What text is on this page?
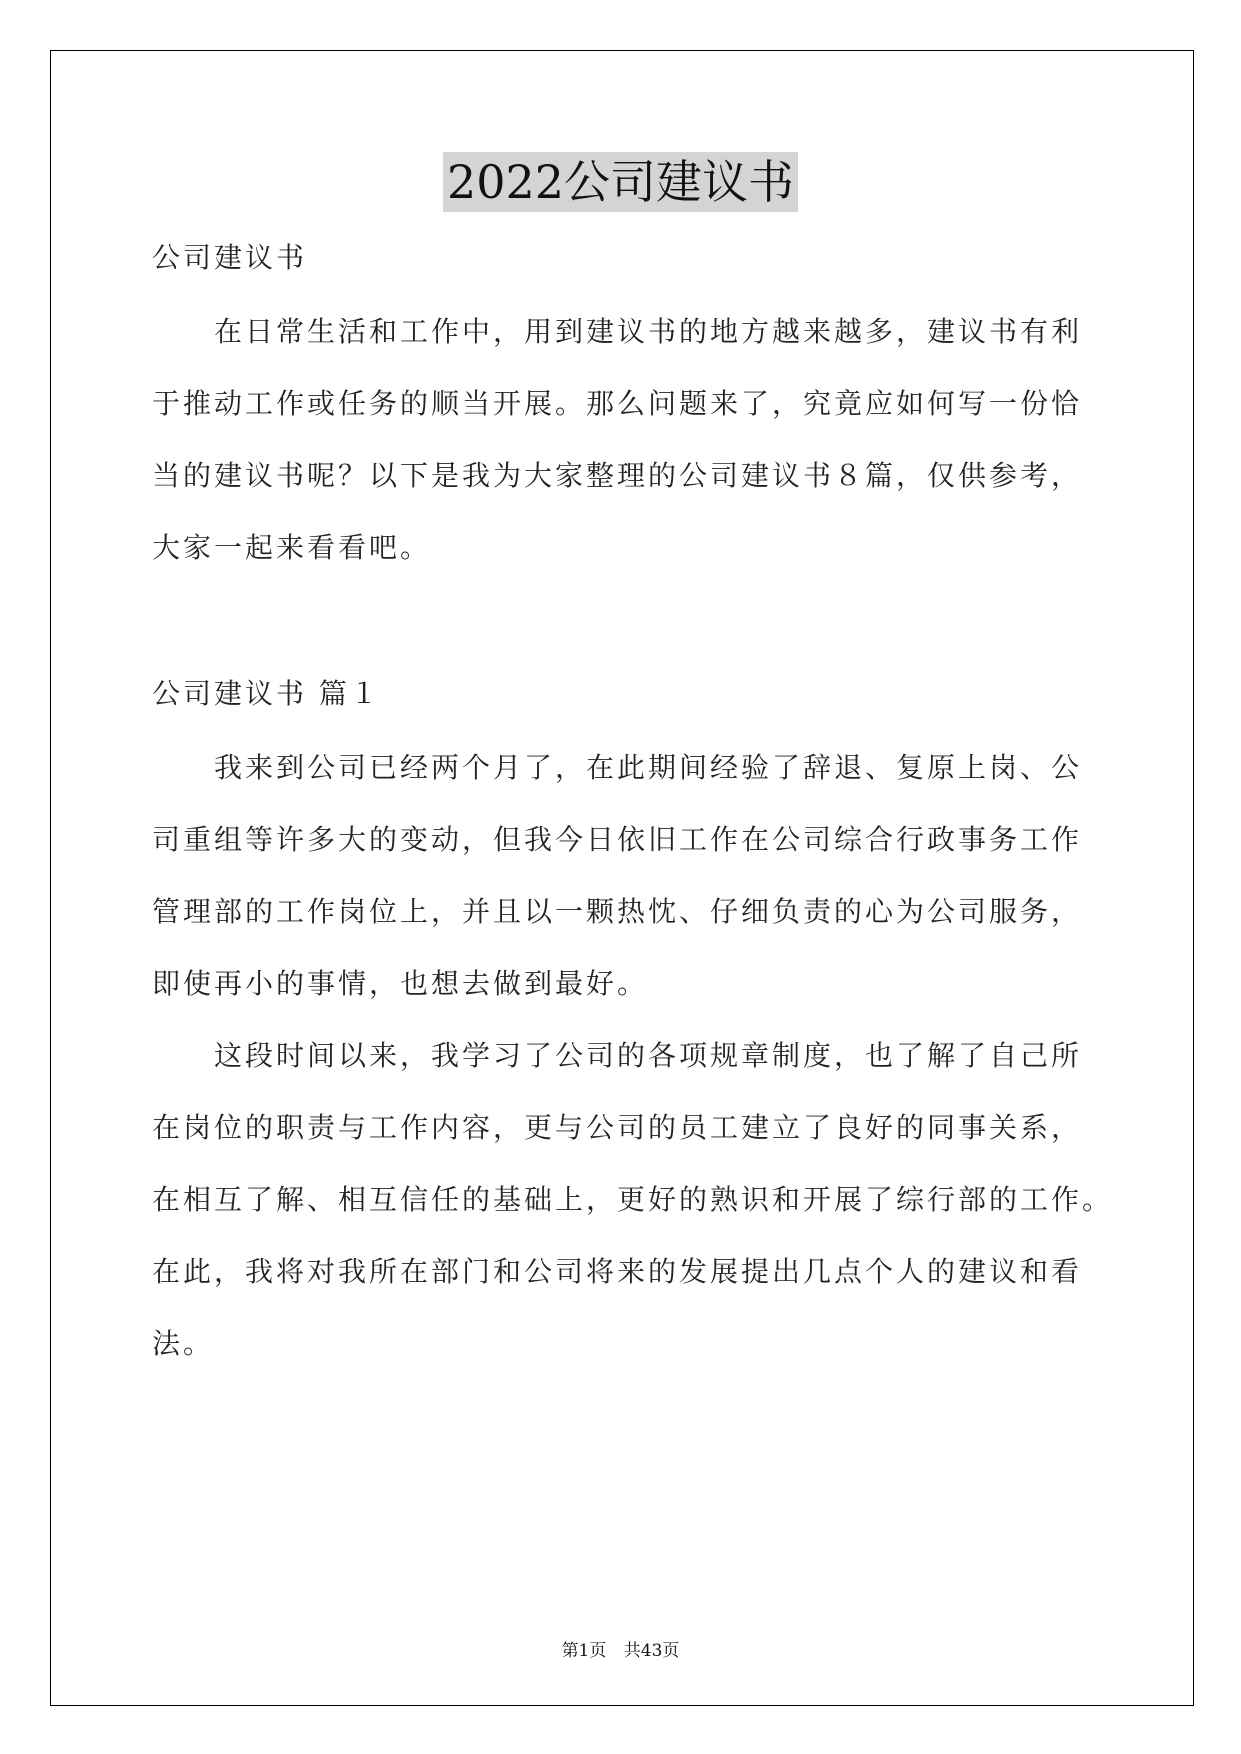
2022公司建议书
公司建议书
在日常生活和工作中，用到建议书的地方越来越多，建议书有利
于推动工作或任务的顺当开展。那么问题来了，究竟应如何写一份恰
当的建议书呢？以下是我为大家整理的公司建议书８篇，仅供参考，
大家一起来看看吧。
公司建议书 篇１
我来到公司已经两个月了，在此期间经验了辞退、复原上岗、公
司重组等许多大的变动，但我今日依旧工作在公司综合行政事务工作
管理部的工作岗位上，并且以一颗热忱、仔细负责的心为公司服务，
即使再小的事情，也想去做到最好。
这段时间以来，我学习了公司的各项规章制度，也了解了自己所
在岗位的职责与工作内容，更与公司的员工建立了良好的同事关系，
在相互了解、相互信任的基础上，更好的熟识和开展了综行部的工作。
在此，我将对我所在部门和公司将来的发展提出几点个人的建议和看
法。
第1页 共43页
